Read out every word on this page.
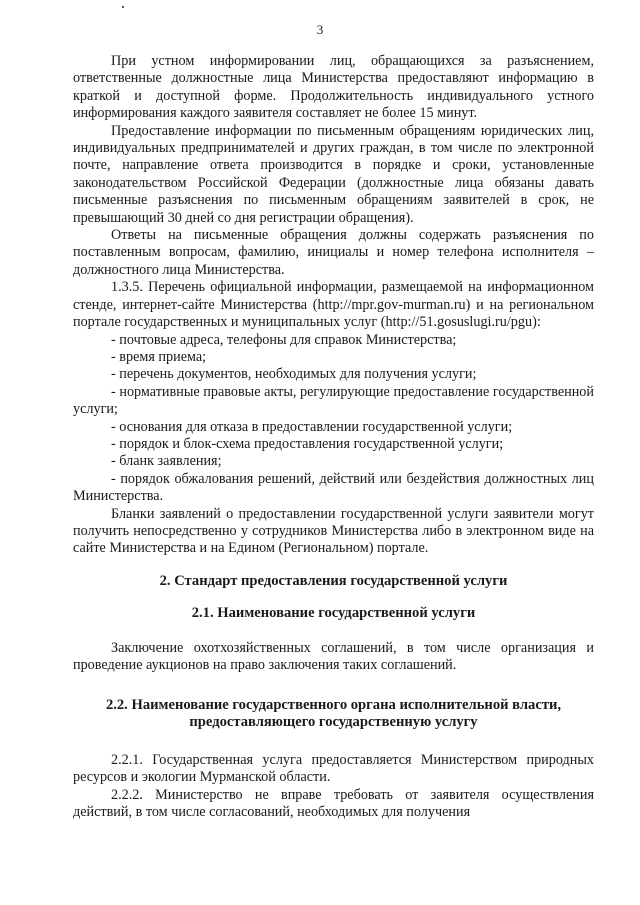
3

При устном информировании лиц, обращающихся за разъяснением, ответственные должностные лица Министерства предоставляют информацию в краткой и доступной форме. Продолжительность индивидуального устного информирования каждого заявителя составляет не более 15 минут.

Предоставление информации по письменным обращениям юридических лиц, индивидуальных предпринимателей и других граждан, в том числе по электронной почте, направление ответа производится в порядке и сроки, установленные законодательством Российской Федерации (должностные лица обязаны давать письменные разъяснения по письменным обращениям заявителей в срок, не превышающий 30 дней со дня регистрации обращения).

Ответы на письменные обращения должны содержать разъяснения по поставленным вопросам, фамилию, инициалы и номер телефона исполнителя – должностного лица Министерства.

1.3.5. Перечень официальной информации, размещаемой на информационном стенде, интернет-сайте Министерства (http://mpr.gov-murman.ru) и на региональном портале государственных и муниципальных услуг (http://51.gosuslugi.ru/pgu):

- почтовые адреса, телефоны для справок Министерства;

- время приема;

- перечень документов, необходимых для получения услуги;

- нормативные правовые акты, регулирующие предоставление государственной услуги;

- основания для отказа в предоставлении государственной услуги;

- порядок и блок-схема предоставления государственной услуги;

- бланк заявления;

- порядок обжалования решений, действий или бездействия должностных лиц Министерства.

Бланки заявлений о предоставлении государственной услуги заявители могут получить непосредственно у сотрудников Министерства либо в электронном виде на сайте Министерства и на Едином (Региональном) портале.

2. Стандарт предоставления государственной услуги
2.1. Наименование государственной услуги

Заключение охотхозяйственных соглашений, в том числе организация и проведение аукционов на право заключения таких соглашений.

2.2. Наименование государственного органа исполнительной власти,
предоставляющего государственную услугу

2.2.1. Государственная услуга предоставляется Министерством природных ресурсов и экологии Мурманской области.

2.2.2. Министерство не вправе требовать от заявителя осуществления действий, в том числе согласований, необходимых для получения
